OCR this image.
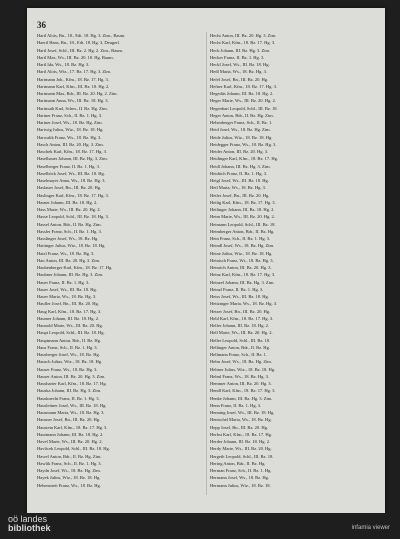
36
Hartl Aloïs, Bn., 18., Edt. 18. Hg. 3. Zim., Baum.
Haertl Hans, Bn., 18., Edt. 18. Hg. 3, Deugerl.
Hartl Josef, Schl., III. Bz. 2. Hg. 2. Zim., Baum.
Hartl Max, Ws., III. Bz. 20. 18. Hg. Baum.
Hartl Ida, Ws., 18. Bz. Hg. 3.
Hartl Aloïs, Wtz., 17. Bz. 17. Hg. 3. Zim.
Hartmann Joh., Kfm., 18. Bz. 17. Hg. 3.
Hartmann Karl, Kfm., III. Bz. 18. Hg. 2.
Hartmann Max, Bdr., III. Bz. 20. Hg. 2. Zim.
Hartmann Anna, Ws., III. Bz. 18. Hg. 3.
Hartmuth Karl, Schm., II. Bz. Hg. Zim.
Hartner Franz, Sch., II. Bz. 1. Hg. 3.
Hartner Josef, Ws., 18. Bz. Hg. Zim.
Hartwig Julius, Wtz., 18. Bz. 18. Hg.
Harwalik Franz, Ws., 18. Bz. Hg. 3.
Hasch Anton, III. Bz. 20. Hg. 3. Zim.
Haschek Karl, Kfm., 18. Bz. 17. Hg. 3.
Haselbauer Johann, III. Bz. Hg. 3. Zim.
Haselberger Franz, II. Bz. 1. Hg. 3.
Haselböck Josef, Ws., III. Bz. 18. Hg.
Haselmayer Anna, Ws., 18. Bz. Hg. 3.
Haslauer Josef, Bn., III. Bz. 20. Hg.
Haslinger Karl, Kfm., 18. Bz. 17. Hg. 3.
Hasner Johann, III. Bz. 18. Hg. 2.
Hass Marie, Ws., III. Bz. 20. Hg. 2.
Hasse Leopold, Schl., III. Bz. 18. Hg. 3.
Hassel Anton, Bdr., II. Bz. Hg. Zim.
Hassler Franz, Sch., II. Bz. 1. Hg. 3.
Hasslinger Josef, Ws., 18. Bz. Hg.
Hattinger Julius, Wtz., 18. Bz. 18. Hg.
Hatzl Franz, Ws., 18. Bz. Hg. 3.
Hau Anton, III. Bz. 20. Hg. 3. Zim.
Haubenberger Karl, Kfm., 18. Bz. 17. Hg.
Haubner Johann, III. Bz. Hg. 3. Zim.
Hauer Franz, II. Bz. 1. Hg. 3.
Hauer Josef, Ws., III. Bz. 18. Hg.
Hauer Maria, Ws., 18. Bz. Hg. 3.
Haufler Josef, Bn., III. Bz. 20. Hg.
Haug Karl, Kfm., 18. Bz. 17. Hg. 3.
Haumer Johann, III. Bz. 18. Hg. 2.
Haunold Marie, Ws., III. Bz. 20. Hg.
Haupt Leopold, Schl., III. Bz. 18. Hg.
Hauptmann Anton, Bdr., II. Bz. Hg.
Haus Franz, Sch., II. Bz. 1. Hg. 3.
Hausberger Josef, Ws., 18. Bz. Hg.
Hausch Julius, Wtz., 18. Bz. 18. Hg.
Hauser Franz, Ws., 18. Bz. Hg. 3.
Hauser Anton, III. Bz. 20. Hg. 3. Zim.
Hausharter Karl, Kfm., 18. Bz. 17. Hg.
Hauska Johann, III. Bz. Hg. 3. Zim.
Hausknecht Franz, II. Bz. 1. Hg. 3.
Hausleitner Josef, Ws., III. Bz. 18. Hg.
Hausmann Maria, Ws., 18. Bz. Hg. 3.
Hausner Josef, Bn., III. Bz. 20. Hg.
Haustein Karl, Kfm., 18. Bz. 17. Hg. 3.
Hautmann Johann, III. Bz. 18. Hg. 2.
Havel Marie, Ws., III. Bz. 20. Hg. 2.
Havlicek Leopold, Schl., III. Bz. 18. Hg.
Hawel Anton, Bdr., II. Bz. Hg. Zim.
Hawlik Franz, Sch., II. Bz. 1. Hg. 3.
Haydn Josef, Ws., 18. Bz. Hg. Zim.
Hayek Julius, Wtz., 18. Bz. 18. Hg.
Hebenstreit Franz, Ws., 18. Bz. Hg.
Hecht Anton, III. Bz. 20. Hg. 3. Zim.
Hecht Karl, Kfm., 18. Bz. 17. Hg. 3.
Heck Johann, III. Bz. Hg. 3. Zim.
Hecker Franz, II. Bz. 1. Hg. 3.
Heckl Josef, Ws., III. Bz. 18. Hg.
Hedl Maria, Ws., 18. Bz. Hg. 3.
Hefel Josef, Bn., III. Bz. 20. Hg.
Hefner Karl, Kfm., 18. Bz. 17. Hg. 3.
Hegedüs Johann, III. Bz. 18. Hg. 2.
Heger Marie, Ws., III. Bz. 20. Hg. 2.
Hegenbart Leopold, Schl., III. Bz. 18.
Heger Anton, Bdr., II. Bz. Hg. Zim.
Hehenberger Franz, Sch., II. Bz. 1.
Heid Josef, Ws., 18. Bz. Hg. Zim.
Heide Julius, Wtz., 18. Bz. 18. Hg.
Heidegger Franz, Ws., 18. Bz. Hg. 3.
Heider Anton, III. Bz. 20. Hg. 3.
Heidinger Karl, Kfm., 18. Bz. 17. Hg.
Heidl Johann, III. Bz. Hg. 3. Zim.
Heidrich Franz, II. Bz. 1. Hg. 3.
Heigl Josef, Ws., III. Bz. 18. Hg.
Heil Maria, Ws., 18. Bz. Hg. 3.
Heiler Josef, Bn., III. Bz. 20. Hg.
Heilig Karl, Kfm., 18. Bz. 17. Hg. 3.
Heilinger Johann, III. Bz. 18. Hg. 2.
Heim Marie, Ws., III. Bz. 20. Hg. 2.
Heimann Leopold, Schl., III. Bz. 18.
Heimberger Anton, Bdr., II. Bz. Hg.
Hein Franz, Sch., II. Bz. 1. Hg. 3.
Heindl Josef, Ws., 18. Bz. Hg. Zim.
Heine Julius, Wtz., 18. Bz. 18. Hg.
Heinisch Franz, Ws., 18. Bz. Hg. 3.
Heinrich Anton, III. Bz. 20. Hg. 3.
Heinz Karl, Kfm., 18. Bz. 17. Hg. 3.
Heinzel Johann, III. Bz. Hg. 3. Zim.
Heinzl Franz, II. Bz. 1. Hg. 3.
Heiss Josef, Ws., III. Bz. 18. Hg.
Heitzinger Maria, Ws., 18. Bz. Hg. 3.
Heizer Josef, Bn., III. Bz. 20. Hg.
Held Karl, Kfm., 18. Bz. 17. Hg. 3.
Helfer Johann, III. Bz. 18. Hg. 2.
Hell Marie, Ws., III. Bz. 20. Hg. 2.
Heller Leopold, Schl., III. Bz. 18.
Hellinger Anton, Bdr., II. Bz. Hg.
Hellmann Franz, Sch., II. Bz. 1.
Helm Josef, Ws., 18. Bz. Hg. Zim.
Helmer Julius, Wtz., 18. Bz. 18. Hg.
Helml Franz, Ws., 18. Bz. Hg. 3.
Hemmer Anton, III. Bz. 20. Hg. 3.
Hendl Karl, Kfm., 18. Bz. 17. Hg. 3.
Henke Johann, III. Bz. Hg. 3. Zim.
Henn Franz, II. Bz. 1. Hg. 3.
Henning Josef, Ws., III. Bz. 18. Hg.
Hentschel Maria, Ws., 18. Bz. Hg.
Hepp Josef, Bn., III. Bz. 20. Hg.
Herbst Karl, Kfm., 18. Bz. 17. Hg.
Herder Johann, III. Bz. 18. Hg. 2.
Herdy Marie, Ws., III. Bz. 20. Hg.
Hergeth Leopold, Schl., III. Bz. 18.
Hering Anton, Bdr., II. Bz. Hg.
Herman Franz, Sch., II. Bz. 1. Hg.
Hermann Josef, Ws., 18. Bz. Hg.
Hermann Julius, Wtz., 18. Bz. 18.
oö landes
bibliothek	infamia viewer
